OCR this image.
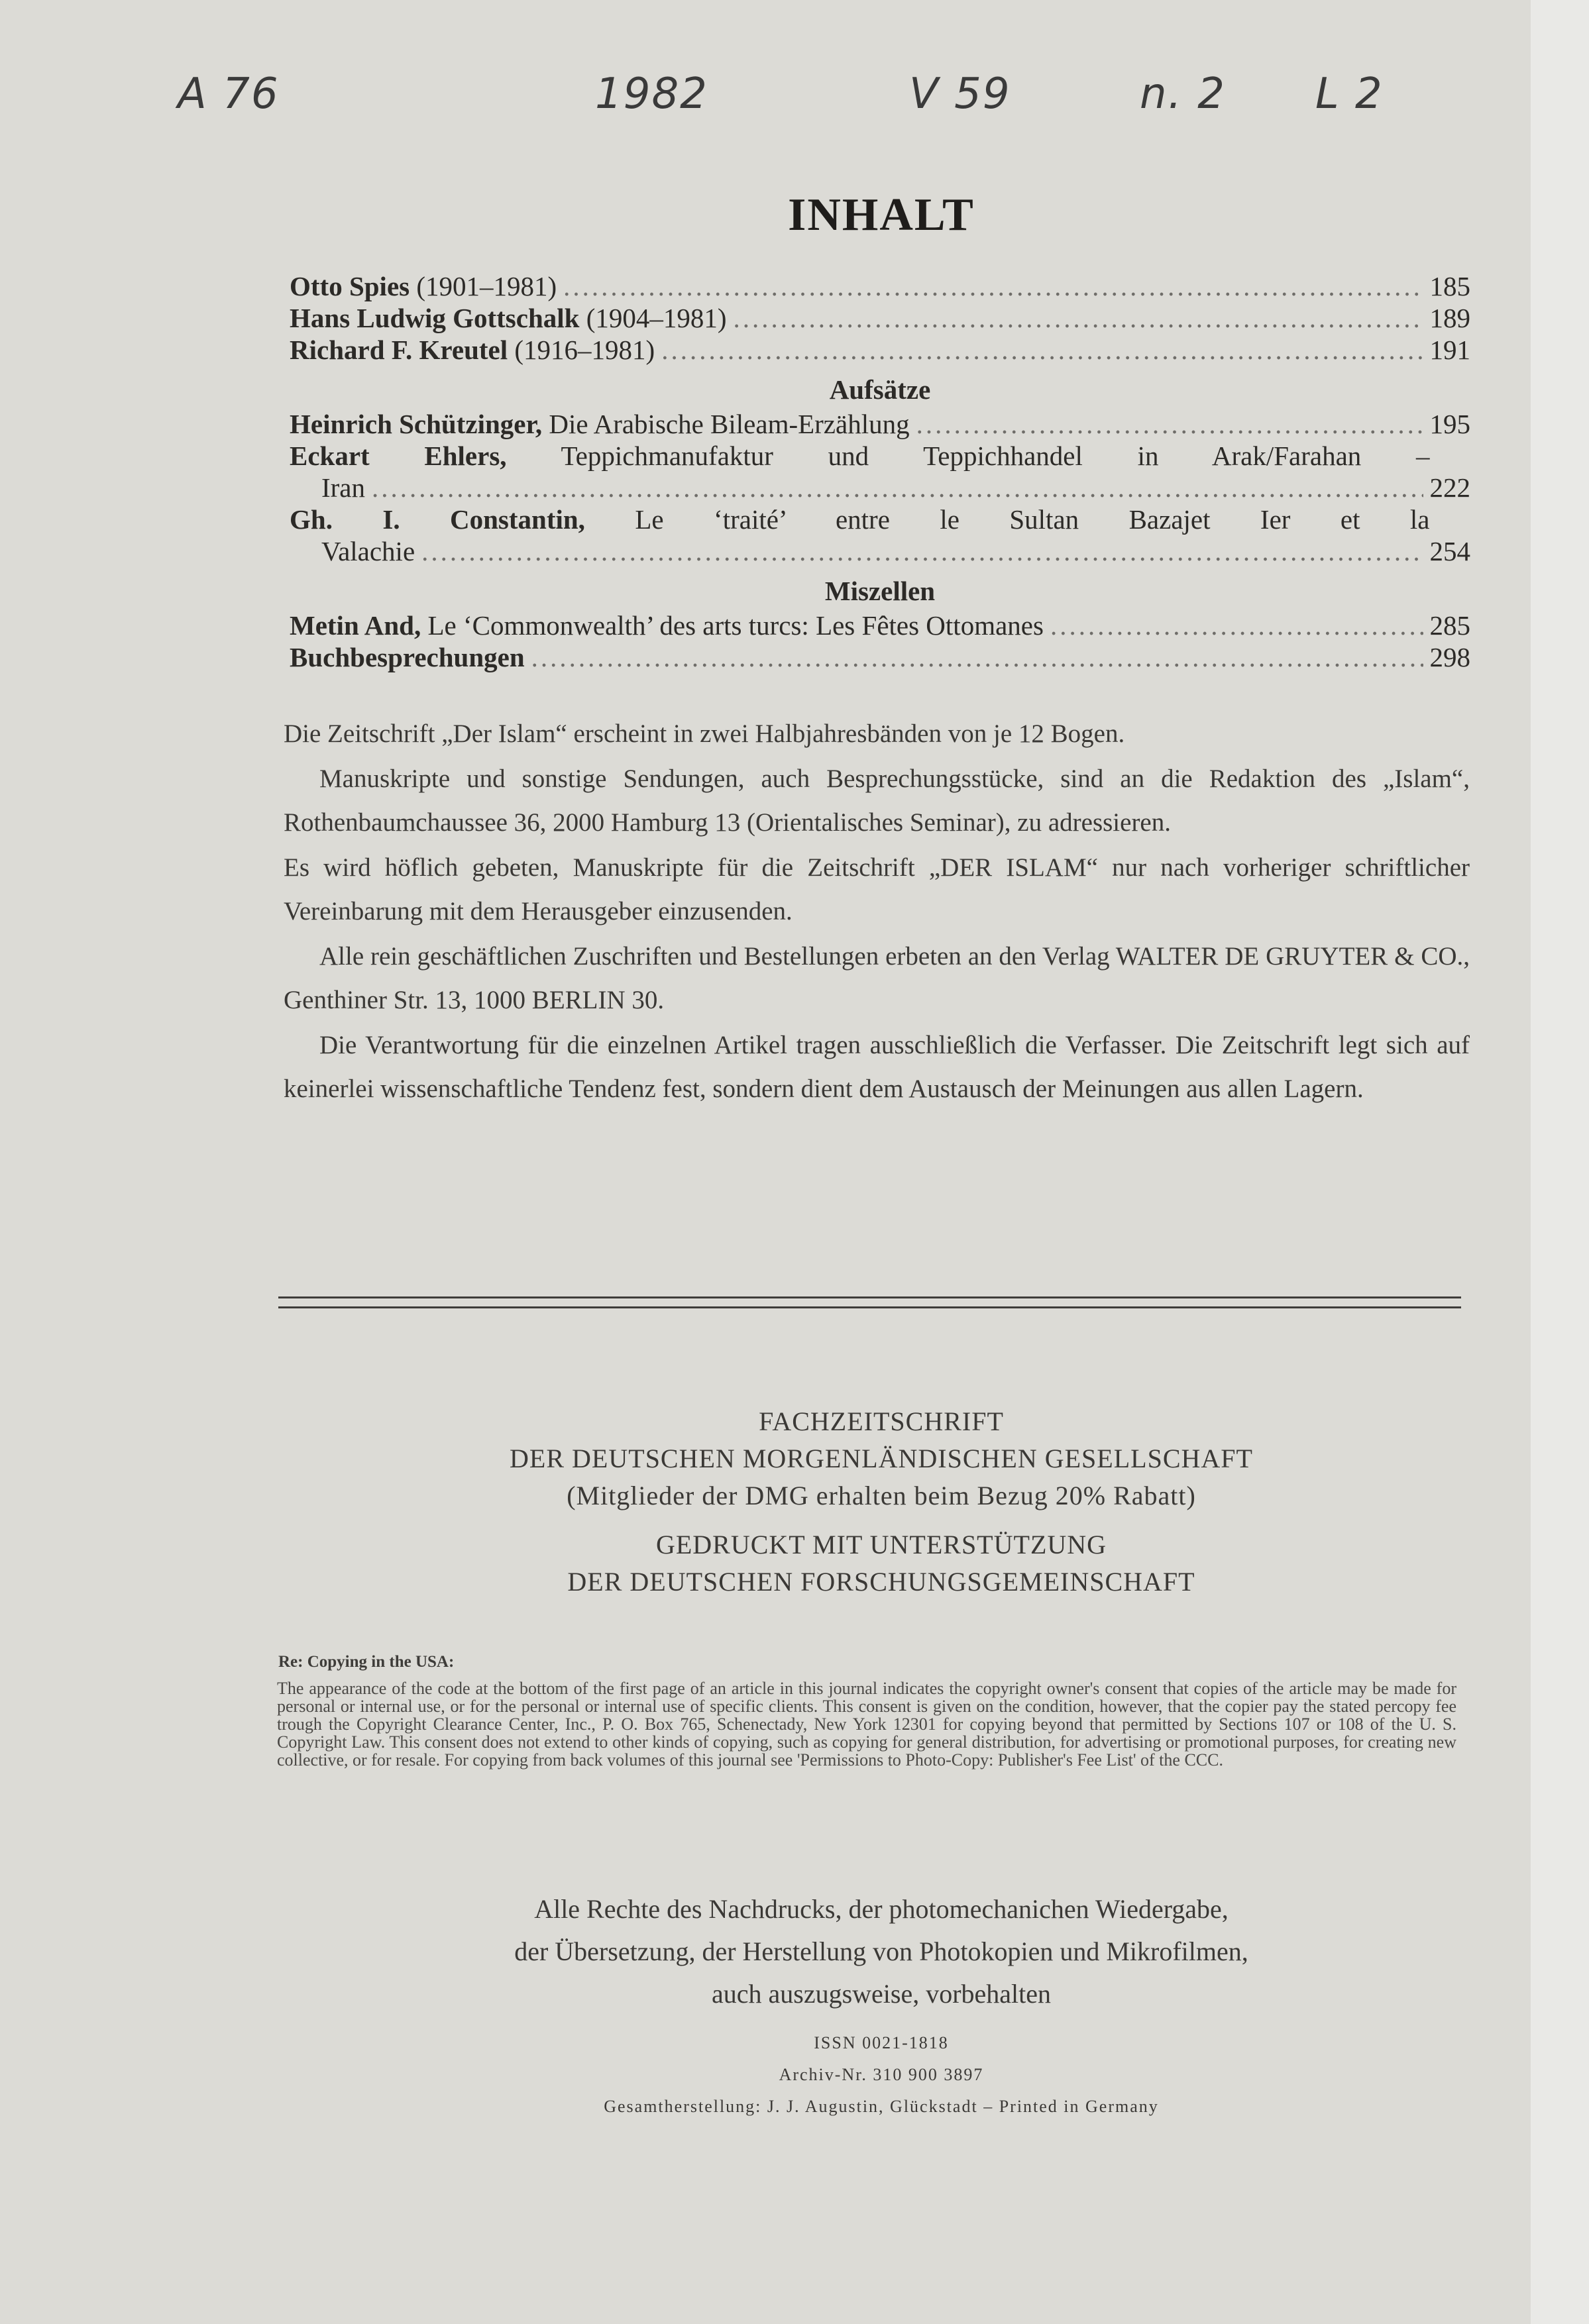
A 76	1982	V 59	n. 2 L 2
INHALT
Otto Spies (1901–1981) .....	185
Hans Ludwig Gottschalk (1904–1981) .....	189
Richard F. Kreutel (1916–1981) .....	191
Aufsätze
Heinrich Schützinger, Die Arabische Bileam-Erzählung .....	195
Eckart Ehlers, Teppichmanufaktur und Teppichhandel in Arak/Farahan –
Iran .....	222
Gh. I. Constantin, Le ‘traité’ entre le Sultan Bazajet Ier et la
Valachie .....	254
Miszellen
Metin And, Le ‘Commonwealth’ des arts turcs: Les Fêtes Ottomanes .....	285
Buchbesprechungen .....	298

Die Zeitschrift „Der Islam“ erscheint in zwei Halbjahresbänden von je 12 Bogen.

Manuskripte und sonstige Sendungen, auch Besprechungsstücke, sind an die Redaktion des „Islam“, Rothenbaumchaussee 36, 2000 Hamburg 13 (Orientalisches Seminar), zu adressieren.

Es wird höflich gebeten, Manuskripte für die Zeitschrift „DER ISLAM“ nur nach vorheriger schriftlicher Vereinbarung mit dem Herausgeber einzusenden.

Alle rein geschäftlichen Zuschriften und Bestellungen erbeten an den Verlag WALTER DE GRUYTER & CO., Genthiner Str. 13, 1000 BERLIN 30.

Die Verantwortung für die einzelnen Artikel tragen ausschließlich die Verfasser. Die Zeitschrift legt sich auf keinerlei wissenschaftliche Tendenz fest, sondern dient dem Austausch der Meinungen aus allen Lagern.

FACHZEITSCHRIFT
DER DEUTSCHEN MORGENLÄNDISCHEN GESELLSCHAFT
(Mitglieder der DMG erhalten beim Bezug 20% Rabatt)
GEDRUCKT MIT UNTERSTÜTZUNG
DER DEUTSCHEN FORSCHUNGSGEMEINSCHAFT
Re: Copying in the USA:
The appearance of the code at the bottom of the first page of an article in this journal indicates the copyright owner's consent that copies of the article may be made for personal or internal use, or for the personal or internal use of specific clients. This consent is given on the condition, however, that the copier pay the stated percopy fee trough the Copyright Clearance Center, Inc., P. O. Box 765, Schenectady, New York 12301 for copying beyond that permitted by Sections 107 or 108 of the U. S. Copyright Law. This consent does not extend to other kinds of copying, such as copying for general distribution, for advertising or promotional purposes, for creating new collective, or for resale. For copying from back volumes of this journal see 'Permissions to Photo-Copy: Publisher's Fee List' of the CCC.
Alle Rechte des Nachdrucks, der photomechanichen Wiedergabe,
der Übersetzung, der Herstellung von Photokopien und Mikrofilmen,
auch auszugsweise, vorbehalten
ISSN 0021-1818
Archiv-Nr. 310 900 3897
Gesamtherstellung: J. J. Augustin, Glückstadt – Printed in Germany
